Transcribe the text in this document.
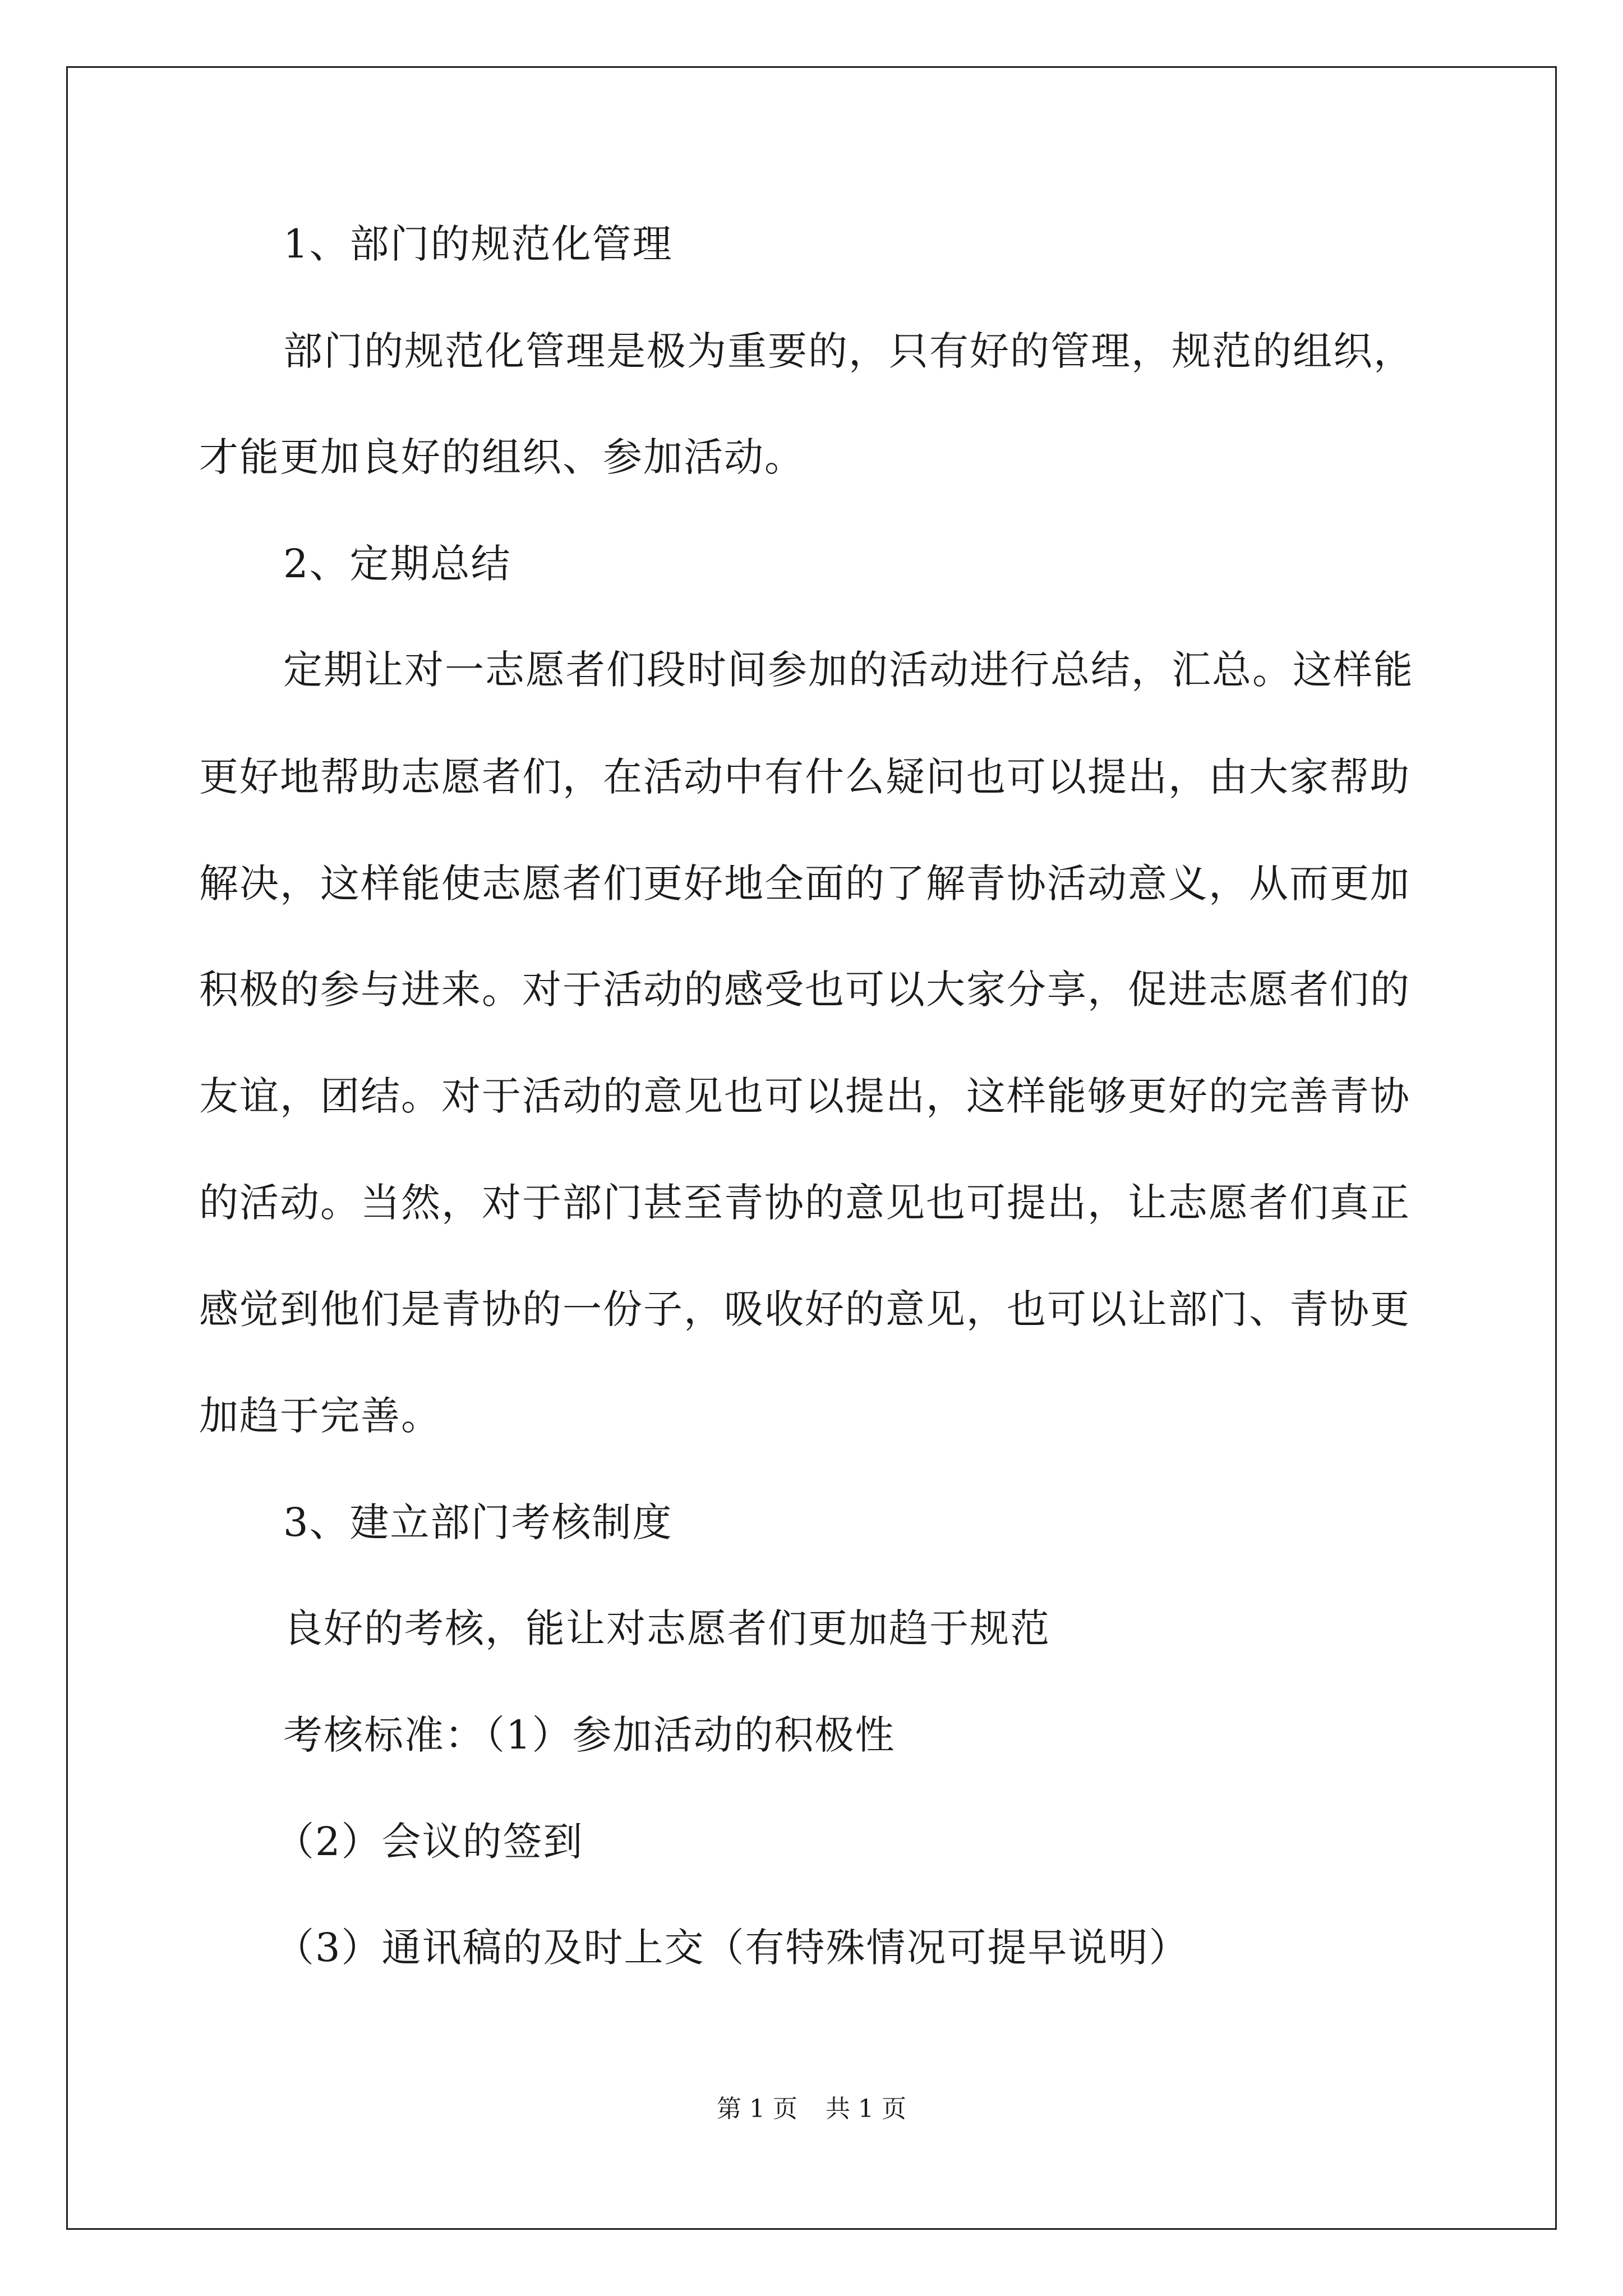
1、部门的规范化管理
部门的规范化管理是极为重要的，只有好的管理，规范的组织，
才能更加良好的组织、参加活动。
2、定期总结
定期让对一志愿者们段时间参加的活动进行总结，汇总。这样能
更好地帮助志愿者们，在活动中有什么疑问也可以提出，由大家帮助
解决，这样能使志愿者们更好地全面的了解青协活动意义，从而更加
积极的参与进来。对于活动的感受也可以大家分享，促进志愿者们的
友谊，团结。对于活动的意见也可以提出，这样能够更好的完善青协
的活动。当然，对于部门甚至青协的意见也可提出，让志愿者们真正
感觉到他们是青协的一份子，吸收好的意见，也可以让部门、青协更
加趋于完善。
3、建立部门考核制度
良好的考核，能让对志愿者们更加趋于规范
考核标准：（1）参加活动的积极性
（2）会议的签到
（3）通讯稿的及时上交（有特殊情况可提早说明）
第 1 页 共 1 页
